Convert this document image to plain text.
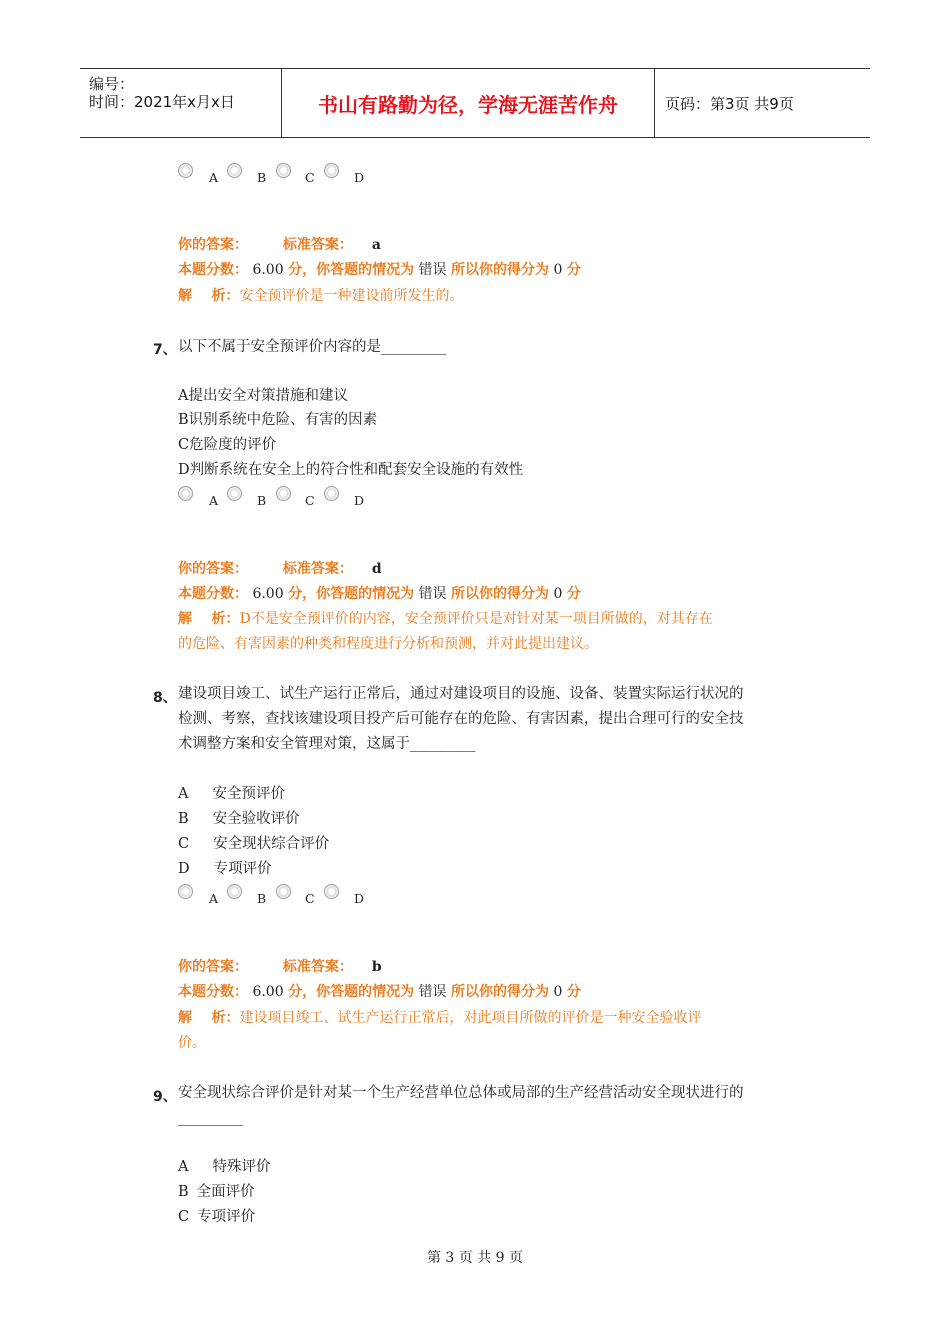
编号：
时间：2021年x月x日	书山有路勤为径，学海无涯苦作舟	页码：第3页 共9页
A	B	C	D
你的答案： 标准答案： a
本题分数： 6.00 分，你答题的情况为 错误 所以你的得分为 0 分
解    析：安全预评价是一种建设前所发生的。
7、 以下不属于安全预评价内容的是_________
A提出安全对策措施和建议
B识别系统中危险、有害的因素
C危险度的评价
D判断系统在安全上的符合性和配套安全设施的有效性
A	B	C	D
你的答案： 标准答案： d
本题分数： 6.00 分，你答题的情况为 错误 所以你的得分为 0 分
解    析：D不是安全预评价的内容，安全预评价只是对针对某一项目所做的，对其存在
的危险、有害因素的种类和程度进行分析和预测，并对此提出建议。
8、 建设项目竣工、试生产运行正常后，通过对建设项目的设施、设备、装置实际运行状况的
检测、考察，查找该建设项目投产后可能存在的危险、有害因素，提出合理可行的安全技
术调整方案和安全管理对策，这属于_________
A 安全预评价
B 安全验收评价
C 安全现状综合评价
D 专项评价
A	B	C	D
你的答案： 标准答案： b
本题分数： 6.00 分，你答题的情况为 错误 所以你的得分为 0 分
解    析：建设项目竣工、试生产运行正常后，对此项目所做的评价是一种安全验收评
价。
9、 安全现状综合评价是针对某一个生产经营单位总体或局部的生产经营活动安全现状进行的
_________
A 特殊评价
B 全面评价
C 专项评价
第 3 页 共 9 页
